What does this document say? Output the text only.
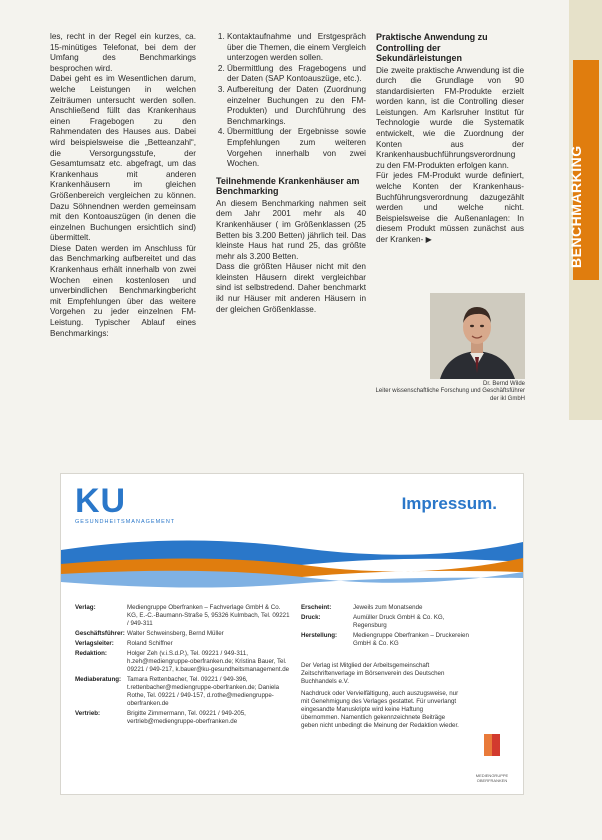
les, recht in der Regel ein kurzes, ca. 15-minütiges Telefonat, bei dem der Umfang des Benchmarkings besprochen wird.

Dabei geht es im Wesentlichen darum, welche Leistungen in welchen Zeiträumen untersucht werden sollen. Anschließend füllt das Krankenhaus einen Fragebogen zu den Rahmendaten des Hauses aus. Dabei wird beispielsweise die „Betteanzahl“, die Versorgungsstufe, der Gesamtumsatz etc. abgefragt, um das Krankenhaus mit anderen Krankenhäusern im gleichen Größenbereich vergleichen zu können. Dazu Söhnendnen werden gemeinsam mit den Kontoauszügen (in denen die einzelnen Buchungen ersichtlich sind) übermittelt.

Diese Daten werden im Anschluss für das Benchmarking aufbereitet und das Krankenhaus erhält innerhalb von zwei Wochen einen kostenlosen und unverbindlichen Benchmarkingbericht mit Empfehlungen über das weitere Vorgehen zu jeder einzelnen FM-Leistung. Typischer Ablauf eines Benchmarkings:

1. Kontaktaufnahme und Erstgespräch über die Themen, die einem Vergleich unterzogen werden sollen.
2. Übermittlung des Fragebogens und der Daten (SAP Kontoauszüge, etc.).
3. Aufbereitung der Daten (Zuordnung einzelner Buchungen zu den FM-Produkten) und Durchführung des Benchmarkings.
4. Übermittlung der Ergebnisse sowie Empfehlungen zum weiteren Vorgehen innerhalb von zwei Wochen.
Teilnehmende Krankenhäuser am Benchmarking

An diesem Benchmarking nahmen seit dem Jahr 2001 mehr als 40 Krankenhäuser ( im Größenklassen (25 Betten bis 3.200 Betten) jährlich teil. Das kleinste Haus hat rund 25, das größte mehr als 3.200 Betten.

Dass die größten Häuser nicht mit den kleinsten Häusern direkt vergleichbar sind ist selbstredend. Daher benchmarkt ikl nur Häuser mit anderen Häusern in der gleichen Größenklasse.

Praktische Anwendung zu Controlling der Sekundärleistungen

Die zweite praktische Anwendung ist die durch die Grundlage von 90 standardisierten FM-Produkte erzielt worden kann, ist die Controlling dieser Leistungen. Am Karlsruher Institut für Technologie wurde die Systematik entwickelt, wie die Zuordnung der Konten aus der Krankenhausbuchführungsverordnung zu den FM-Produkten erfolgen kann.

Für jedes FM-Produkt wurde definiert, welche Konten der Krankenhaus-Buchführungsverordnung dazugezählt werden und welche nicht. Beispielsweise die Außenanlagen: In diesem Produkt müssen zunächst aus der Kranken- ▶	BENCHMARKING
Dr. Bernd Wilde
Leiter wissenschaftliche Forschung und Geschäftsführer der ikl GmbH
KU
GESUNDHEITSMANAGEMENT
Impressum.
Verlag:	Mediengruppe Oberfranken – Fachverlage GmbH & Co. KG, E.-C.-Baumann-Straße 5, 95326 Kulmbach, Tel. 09221 / 949-311
Geschäftsführer: Walter Schweinsberg, Bernd Müller
Verlagsleiter:	Roland Schiffner
Redaktion:	Holger Zeh (v.i.S.d.P.), Tel. 09221 / 949-311, h.zeh@mediengruppe-oberfranken.de; Kristina Bauer, Tel. 09221 / 949-217, k.bauer@ku-gesundheitsmanagement.de
Mediaberatung: Tamara Rettenbacher, Tel. 09221 / 949-396, t.rettenbacher@mediengruppe-oberfranken.de; Daniela Rothe, Tel. 09221 / 949-157, d.rothe@mediengruppe-oberfranken.de
Vertrieb:	Brigitte Zimmermann, Tel. 09221 / 949-205, vertrieb@mediengruppe-oberfranken.de
Erscheint:	Jeweils zum Monatsende
Druck:	Aumüller Druck GmbH & Co. KG, Regensburg
Herstellung:	Mediengruppe Oberfranken – Druckereien GmbH & Co. KG

Der Verlag ist Mitglied der Arbeitsgemeinschaft Zeitschriftenverlage im Börsenverein des Deutschen Buchhandels e.V.

Nachdruck oder Vervielfältigung, auch auszugsweise, nur mit Genehmigung des Verlages gestattet. Für unverlangt eingesandte Manuskripte wird keine Haftung übernommen. Namentlich gekennzeichnete Beiträge geben nicht unbedingt die Meinung der Redaktion wieder.

MEDIENGRUPPE OBERFRANKEN
